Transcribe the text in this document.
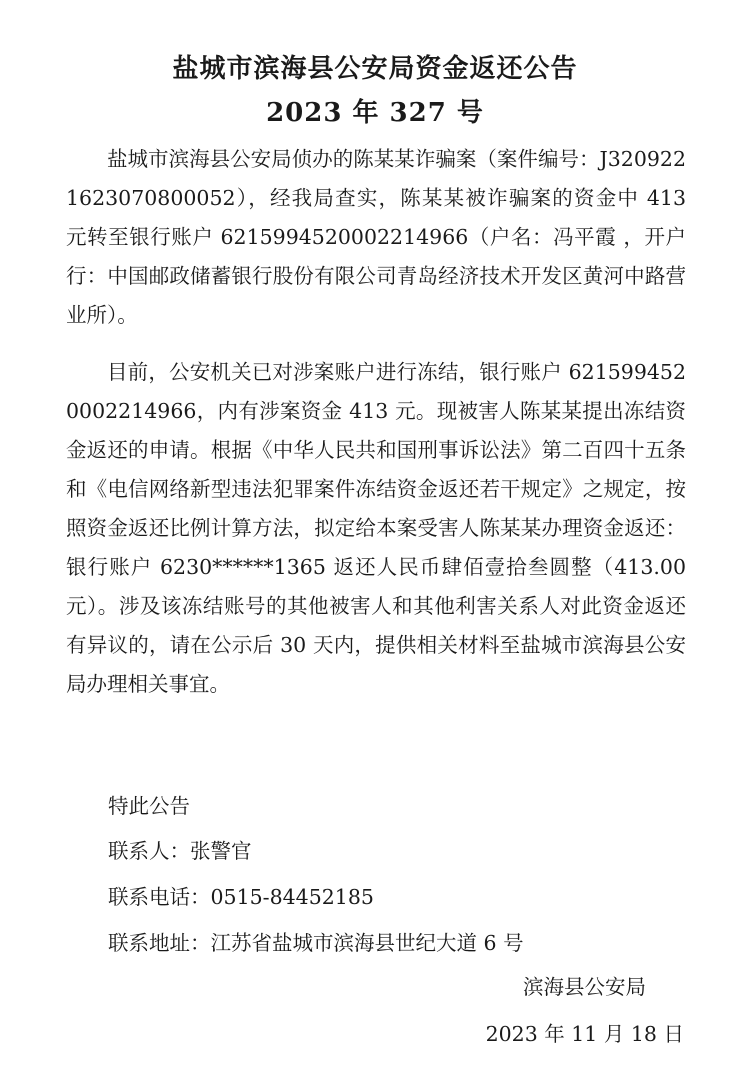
盐城市滨海县公安局资金返还公告
2023 年 327 号

盐城市滨海县公安局侦办的陈某某诈骗案（案件编号：J3209221623070800052），经我局查实，陈某某被诈骗案的资金中 413 元转至银行账户 6215994520002214966（户名：冯平霞 ，开户行：中国邮政储蓄银行股份有限公司青岛经济技术开发区黄河中路营业所）。

目前，公安机关已对涉案账户进行冻结，银行账户 6215994520002214966，内有涉案资金 413 元。现被害人陈某某提出冻结资金返还的申请。根据《中华人民共和国刑事诉讼法》第二百四十五条和《电信网络新型违法犯罪案件冻结资金返还若干规定》之规定，按照资金返还比例计算方法，拟定给本案受害人陈某某办理资金返还：银行账户 6230******1365 返还人民币肆佰壹拾叁圆整（413.00 元）。涉及该冻结账号的其他被害人和其他利害关系人对此资金返还有异议的，请在公示后 30 天内，提供相关材料至盐城市滨海县公安局办理相关事宜。

特此公告
联系人：张警官
联系电话：0515-84452185
联系地址：江苏省盐城市滨海县世纪大道 6 号
滨海县公安局
2023 年 11 月 18 日
